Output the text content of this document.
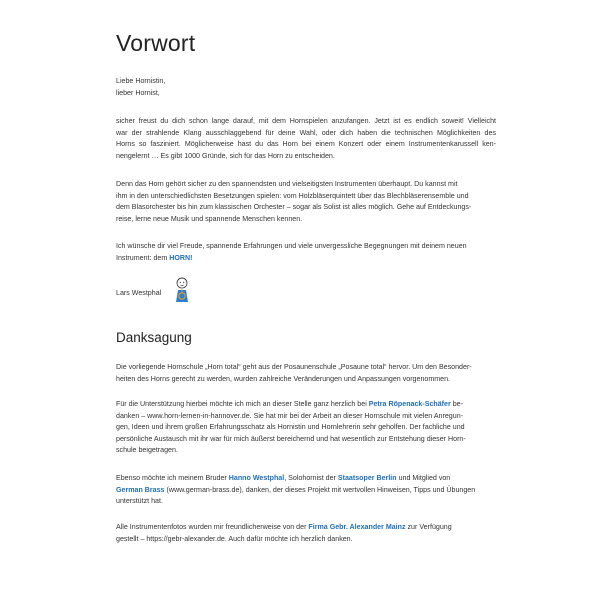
Vorwort
Liebe Hornistin,
lieber Hornist,
sicher freust du dich schon lange darauf, mit dem Hornspielen anzufangen. Jetzt ist es endlich soweit! Vielleicht
war der strahlende Klang ausschlaggebend für deine Wahl, oder dich haben die technischen Möglichkeiten des
Horns so fasziniert. Möglicherweise hast du das Horn bei einem Konzert oder einem Instrumentenkarussell ken-
nengelernt … Es gibt 1000 Gründe, sich für das Horn zu entscheiden.
Denn das Horn gehört sicher zu den spannendsten und vielseitigsten Instrumenten überhaupt. Du kannst mit
ihm in den unterschiedlichsten Besetzungen spielen: vom Holzbläserquintett über das Blechbläserensemble und
dem Blasorchester bis hin zum klassischen Orchester – sogar als Solist ist alles möglich. Gehe auf Entdeckungs-
reise, lerne neue Musik und spannende Menschen kennen.
Ich wünsche dir viel Freude, spannende Erfahrungen und viele unvergessliche Begegnungen mit deinem neuen
Instrument: dem HORN!
Lars Westphal
Danksagung
Die vorliegende Hornschule „Horn total“ geht aus der Posaunenschule „Posaune total“ hervor. Um den Besonder-
heiten des Horns gerecht zu werden, wurden zahlreiche Veränderungen und Anpassungen vorgenommen.
Für die Unterstützung hierbei möchte ich mich an dieser Stelle ganz herzlich bei Petra Röpenack-Schäfer be-
danken – www.horn-lernen-in-hannover.de. Sie hat mir bei der Arbeit an dieser Hornschule mit vielen Anregun-
gen, Ideen und ihrem großen Erfahrungsschatz als Hornistin und Hornlehrerin sehr geholfen. Der fachliche und
persönliche Austausch mit ihr war für mich äußerst bereichernd und hat wesentlich zur Entstehung dieser Horn-
schule beigetragen.
Ebenso möchte ich meinem Bruder Hanno Westphal, Solohornist der Staatsoper Berlin und Mitglied von
German Brass (www.german-brass.de), danken, der dieses Projekt mit wertvollen Hinweisen, Tipps und Übungen
unterstützt hat.
Alle Instrumentenfotos wurden mir freundlicherweise von der Firma Gebr. Alexander Mainz zur Verfügung
gestellt – https://gebr-alexander.de. Auch dafür möchte ich herzlich danken.
